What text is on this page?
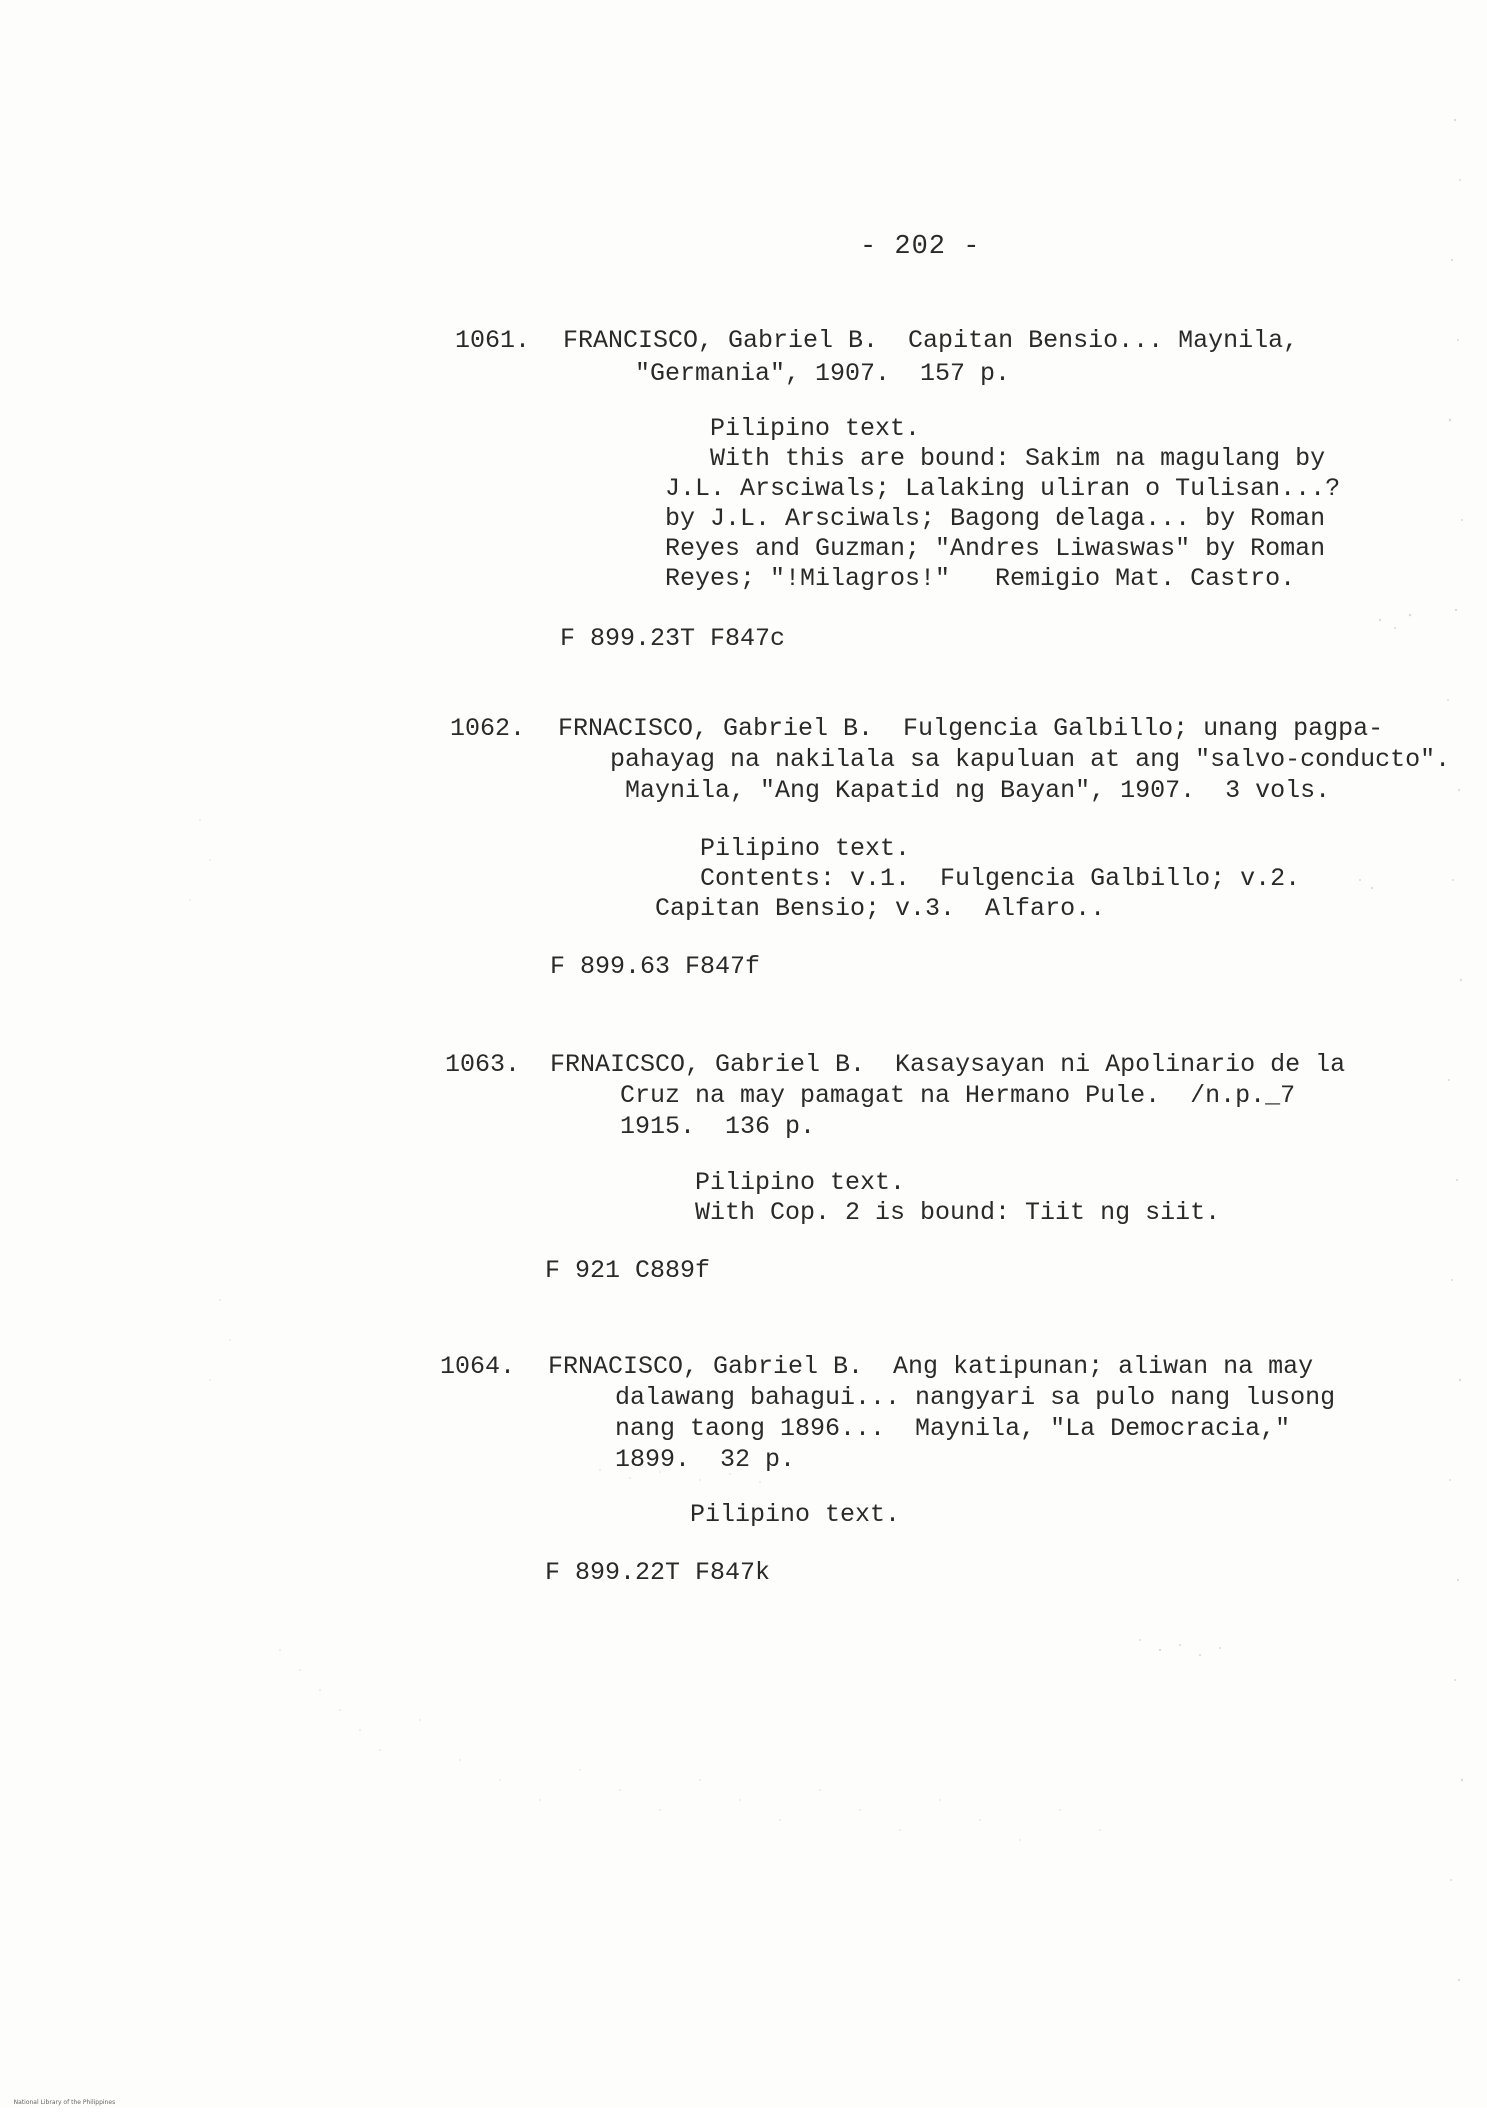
- 202 -

1061.

FRANCISCO, Gabriel B.  Capitan Bensio... Maynila,

"Germania", 1907.  157 p.

Pilipino text.

With this are bound: Sakim na magulang by

J.L. Arsciwals; Lalaking uliran o Tulisan...?

by J.L. Arsciwals; Bagong delaga... by Roman

Reyes and Guzman; "Andres Liwaswas" by Roman

Reyes; "!Milagros!"   Remigio Mat. Castro.

F 899.23T F847c

1062.

FRNACISCO, Gabriel B.  Fulgencia Galbillo; unang pagpa-

pahayag na nakilala sa kapuluan at ang "salvo-conducto".

Maynila, "Ang Kapatid ng Bayan", 1907.  3 vols.

Pilipino text.

Contents: v.1.  Fulgencia Galbillo; v.2.

Capitan Bensio; v.3.  Alfaro..

F 899.63 F847f

1063.

FRNAICSCO, Gabriel B.  Kasaysayan ni Apolinario de la

Cruz na may pamagat na Hermano Pule.  /n.p._7

1915.  136 p.

Pilipino text.

With Cop. 2 is bound: Tiit ng siit.

F 921 C889f

1064.

FRNACISCO, Gabriel B.  Ang katipunan; aliwan na may

dalawang bahagui... nangyari sa pulo nang lusong

nang taong 1896...  Maynila, "La Democracia,"

1899.  32 p.

Pilipino text.

F 899.22T F847k

National Library of the Philippines
